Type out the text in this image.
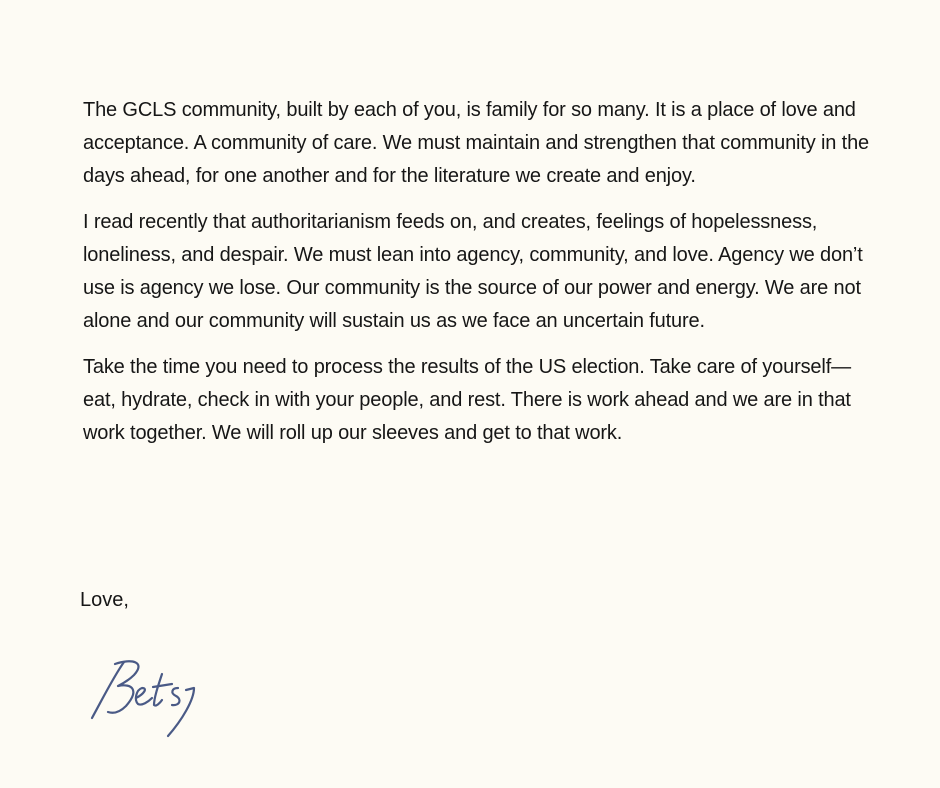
The GCLS community, built by each of you, is family for so many. It is a place of love and acceptance. A community of care. We must maintain and strengthen that community in the days ahead, for one another and for the literature we create and enjoy.

I read recently that authoritarianism feeds on, and creates, feelings of hopelessness, loneliness, and despair. We must lean into agency, community, and love. Agency we don’t use is agency we lose. Our community is the source of our power and energy. We are not alone and our community will sustain us as we face an uncertain future.

Take the time you need to process the results of the US election. Take care of yourself—eat, hydrate, check in with your people, and rest. There is work ahead and we are in that work together. We will roll up our sleeves and get to that work.

Love,
